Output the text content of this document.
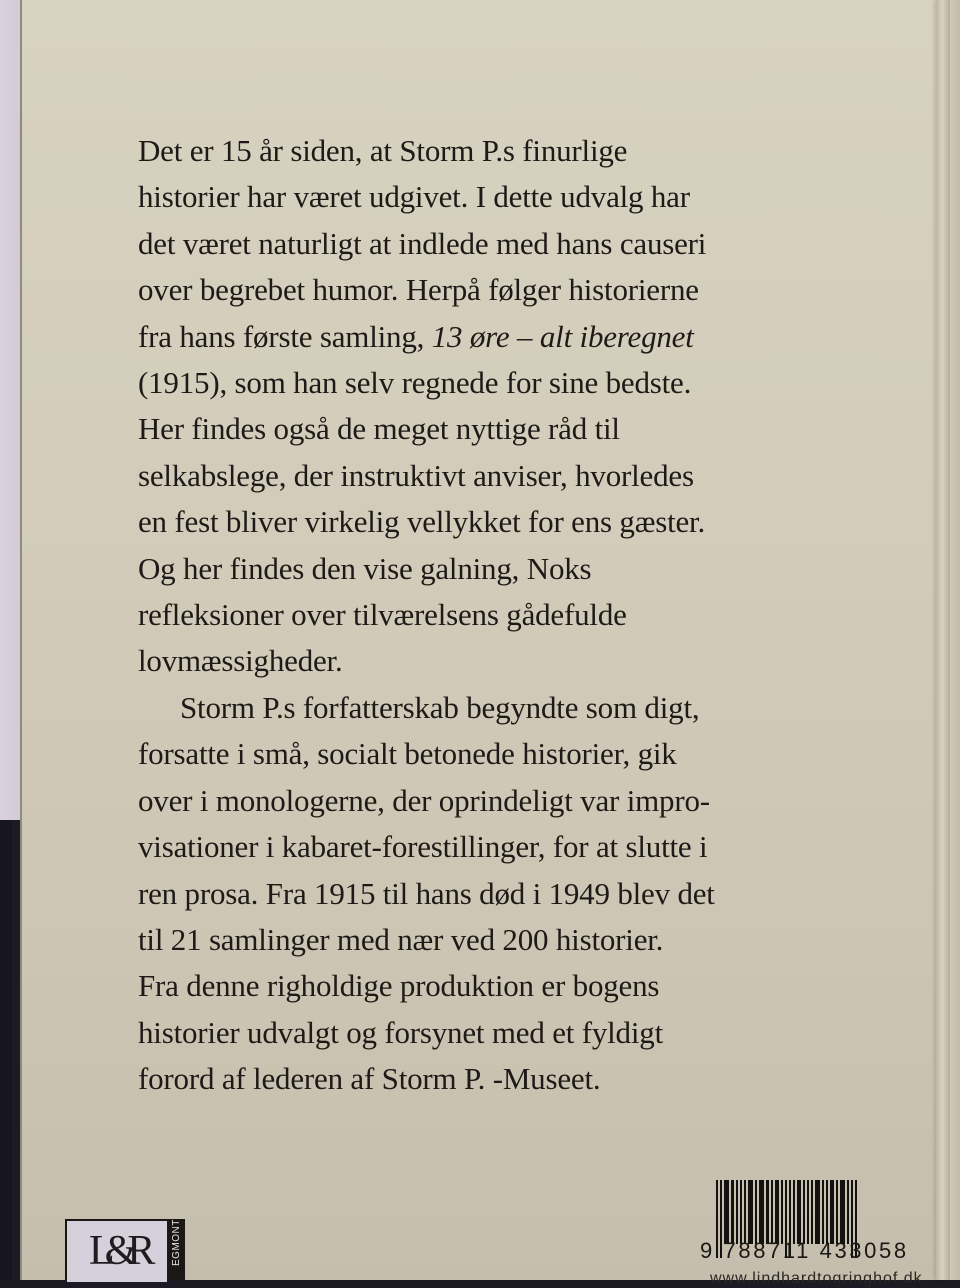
Det er 15 år siden, at Storm P.s finurlige
historier har været udgivet. I dette udvalg har
det været naturligt at indlede med hans causeri
over begrebet humor. Herpå følger historierne
fra hans første samling, 13 øre – alt iberegnet
(1915), som han selv regnede for sine bedste.
Her findes også de meget nyttige råd til
selkabslege, der instruktivt anviser, hvorledes
en fest bliver virkelig vellykket for ens gæster.
Og her findes den vise galning, Noks
refleksioner over tilværelsens gådefulde
lovmæssigheder.

Storm P.s forfatterskab begyndte som digt,
forsatte i små, socialt betonede historier, gik
over i monologerne, der oprindeligt var impro-
visationer i kabaret-forestillinger, for at slutte i
ren prosa. Fra 1915 til hans død i 1949 blev det
til 21 samlinger med nær ved 200 historier.
Fra denne righoldige produktion er bogens
historier udvalgt og forsynet med et fyldigt
forord af lederen af Storm P. -Museet.

L&R	EGMONT	9 788711 433058
www.lindhardtogringhof.dk
